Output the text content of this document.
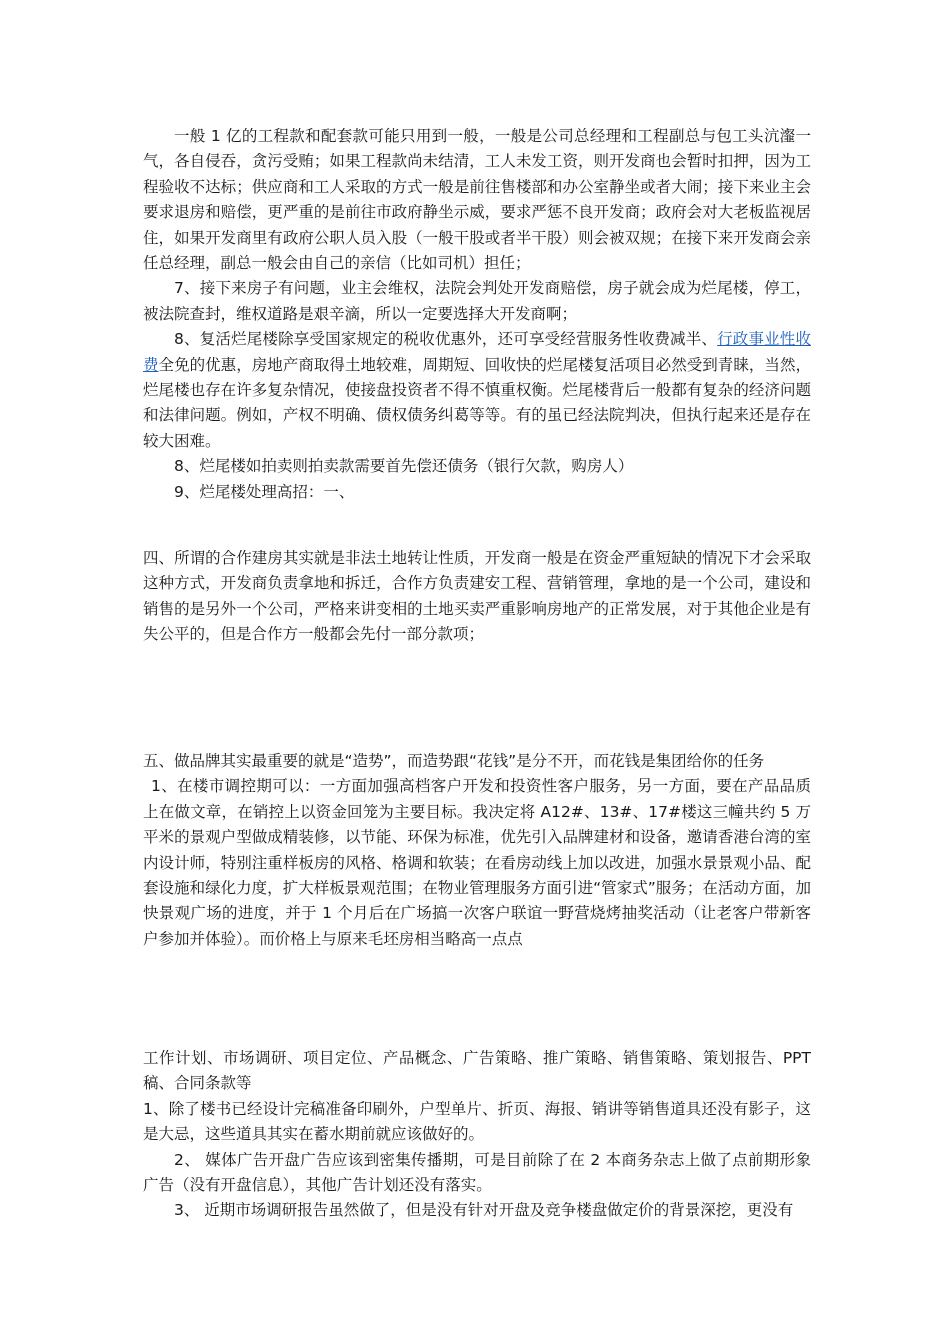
一般 1 亿的工程款和配套款可能只用到一般，一般是公司总经理和工程副总与包工头沆瀣一气，各自侵吞，贪污受贿；如果工程款尚未结清，工人未发工资，则开发商也会暂时扣押，因为工程验收不达标；供应商和工人采取的方式一般是前往售楼部和办公室静坐或者大闹；接下来业主会要求退房和赔偿，更严重的是前往市政府静坐示威，要求严惩不良开发商；政府会对大老板监视居住，如果开发商里有政府公职人员入股（一般干股或者半干股）则会被双规；在接下来开发商会亲任总经理，副总一般会由自己的亲信（比如司机）担任；

7、接下来房子有问题，业主会维权，法院会判处开发商赔偿，房子就会成为烂尾楼，停工，被法院查封，维权道路是艰辛滴，所以一定要选择大开发商啊；

8、复活烂尾楼除享受国家规定的税收优惠外，还可享受经营服务性收费减半、行政事业性收费全免的优惠，房地产商取得土地较难，周期短、回收快的烂尾楼复活项目必然受到青睐，当然，烂尾楼也存在许多复杂情况，使接盘投资者不得不慎重权衡。烂尾楼背后一般都有复杂的经济问题和法律问题。例如，产权不明确、债权债务纠葛等等。有的虽已经法院判决，但执行起来还是存在较大困难。

8、烂尾楼如拍卖则拍卖款需要首先偿还债务（银行欠款，购房人）

9、烂尾楼处理高招：一、

四、所谓的合作建房其实就是非法土地转让性质，开发商一般是在资金严重短缺的情况下才会采取这种方式，开发商负责拿地和拆迁，合作方负责建安工程、营销管理，拿地的是一个公司，建设和销售的是另外一个公司，严格来讲变相的土地买卖严重影响房地产的正常发展，对于其他企业是有失公平的，但是合作方一般都会先付一部分款项；

五、做品牌其实最重要的就是“造势”，而造势跟“花钱”是分不开，而花钱是集团给你的任务

1、在楼市调控期可以：一方面加强高档客户开发和投资性客户服务，另一方面，要在产品品质上在做文章，在销控上以资金回笼为主要目标。我决定将 A12#、13#、17#楼这三幢共约 5 万平米的景观户型做成精装修，以节能、环保为标准，优先引入品牌建材和设备，邀请香港台湾的室内设计师，特别注重样板房的风格、格调和软装；在看房动线上加以改进，加强水景景观小品、配套设施和绿化力度，扩大样板景观范围；在物业管理服务方面引进“管家式”服务；在活动方面，加快景观广场的进度，并于 1 个月后在广场搞一次客户联谊一野营烧烤抽奖活动（让老客户带新客户参加并体验）。而价格上与原来毛坯房相当略高一点点

工作计划、市场调研、项目定位、产品概念、广告策略、推广策略、销售策略、策划报告、PPT 稿、合同条款等

1、除了楼书已经设计完稿准备印刷外，户型单片、折页、海报、销讲等销售道具还没有影子，这是大忌，这些道具其实在蓄水期前就应该做好的。

2、 媒体广告开盘广告应该到密集传播期，可是目前除了在 2 本商务杂志上做了点前期形象广告（没有开盘信息），其他广告计划还没有落实。

3、 近期市场调研报告虽然做了，但是没有针对开盘及竞争楼盘做定价的背景深挖，更没有
